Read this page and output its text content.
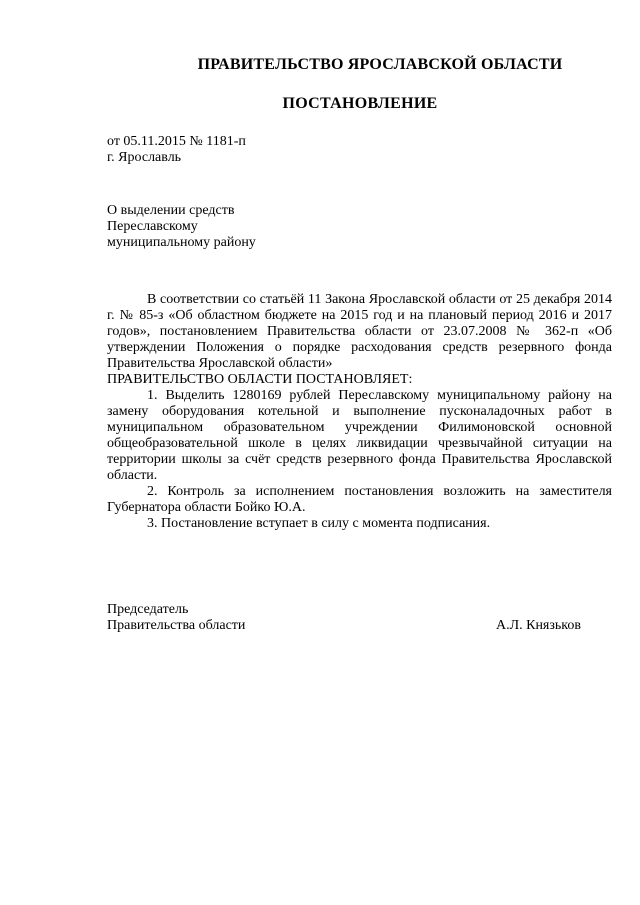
ПРАВИТЕЛЬСТВО ЯРОСЛАВСКОЙ ОБЛАСТИ
ПОСТАНОВЛЕНИЕ
от 05.11.2015 № 1181-п
г. Ярославль
О выделении средств
Переславскому
муниципальному району

В соответствии со статьёй 11 Закона Ярославской области от 25 декабря 2014 г. № 85-з «Об областном бюджете на 2015 год и на плановый период 2016 и 2017 годов», постановлением Правительства области от 23.07.2008 № 362-п «Об утверждении Положения о порядке расходования средств резервного фонда Правительства Ярославской области»

ПРАВИТЕЛЬСТВО ОБЛАСТИ ПОСТАНОВЛЯЕТ:

1. Выделить 1280169 рублей Переславскому муниципальному району на замену оборудования котельной и выполнение пусконаладочных работ в муниципальном образовательном учреждении Филимоновской основной общеобразовательной школе в целях ликвидации чрезвычайной ситуации на территории школы за счёт средств резервного фонда Правительства Ярославской области.

2. Контроль за исполнением постановления возложить на заместителя Губернатора области Бойко Ю.А.

3. Постановление вступает в силу с момента подписания.

Председатель
Правительства области	А.Л. Князьков
